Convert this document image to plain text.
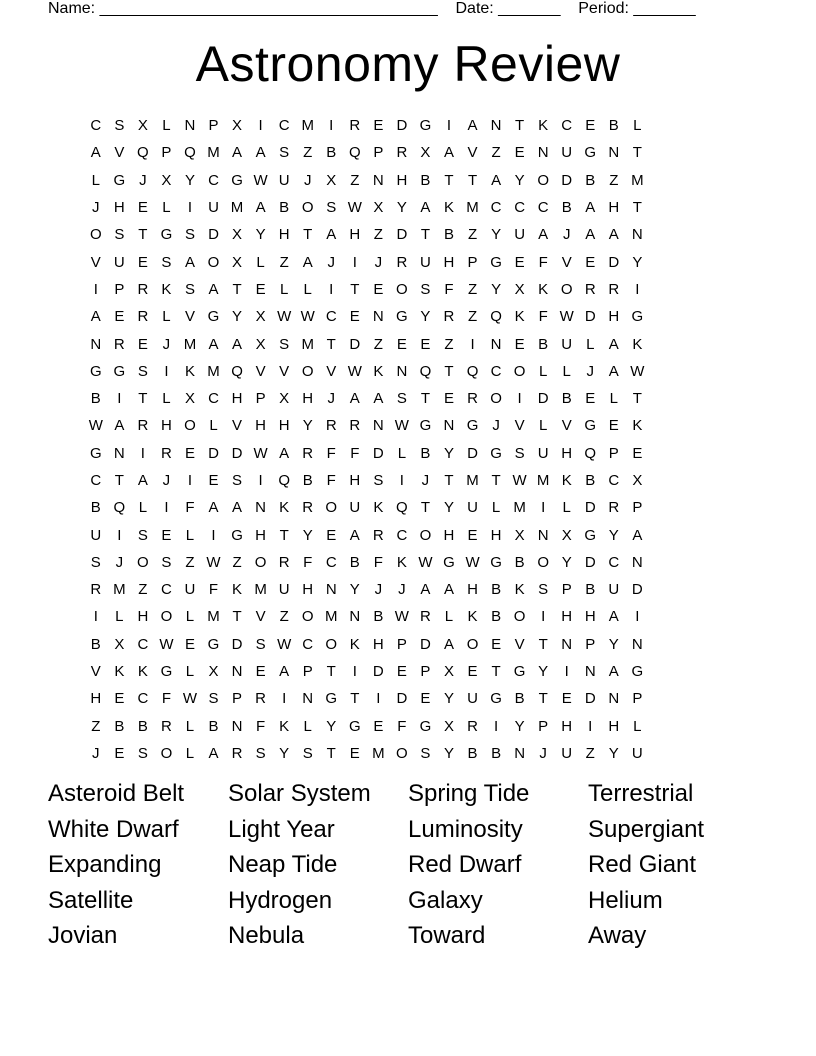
Name: ______________________________________    Date: _______    Period: _______
Astronomy Review
C S X L N P X	I	C M	I	R E D G	I	A N T K C E B L
A V Q P Q M A A S Z B Q P R X A V Z E N U G N T
L G J X Y C G W U J X Z N H B T T A Y O D B Z M
J H E L	I	U M A B O S W X Y A K M C C C B A H T
O S T G S D X Y H T A H Z D T B Z Y U A J A A N
V U E S A O X L Z A J	I	J R U H P G E F V E D Y
I	P R K S A T E L	L	I	T E O S F Z Y X K O R R	I
A E R L V G Y X W W C E N G Y R Z Q K F W D H G
N R E J M A A X S M T D Z E E Z	I	N E B U L A K
G G S	I	K M Q V V O V W K N Q T Q C O L	L	J A W
B	I	T L X C H P X H J A A S T E R O	I	D B E L T
W A R H O L V H H Y R R N W G N G J V L V G E K
G N	I	R E D D W A R F F D L B Y D G S U H Q P E
C T A J	I	E S	I	Q B F H S	I	J	T M T W M K B C X
B Q L	I	F A A N K R O U K Q T Y U L M	I	L D R P
U	I	S E L	I	G H T Y E A R C O H E H X N X G Y A
S J O S Z W Z O R F C B F K W G W G B O Y D C N
R M Z C U F K M U H N Y J	J A A H B K S P B U D
I	L H O L M T V Z O M N B W R L K B O	I	H H A	I
B X C W E G D S W C O K H P D A O E V T N P Y N
V K K G L X N E A P T	I	D E P X E T G Y	I	N A G
H E C F W S P R	I	N G T	I	D E Y U G B T E D N P
Z B B R L B N F K L Y G E F G X R	I	Y P H	I	H L
J E S O L A R S Y S T E M O S Y B B N J U Z Y U
Asteroid Belt	Solar System	Spring Tide	Terrestrial
White Dwarf	Light Year	Luminosity	Supergiant
Expanding	Neap Tide	Red Dwarf	Red Giant
Satellite	Hydrogen	Galaxy	Helium
Jovian	Nebula	Toward	Away
